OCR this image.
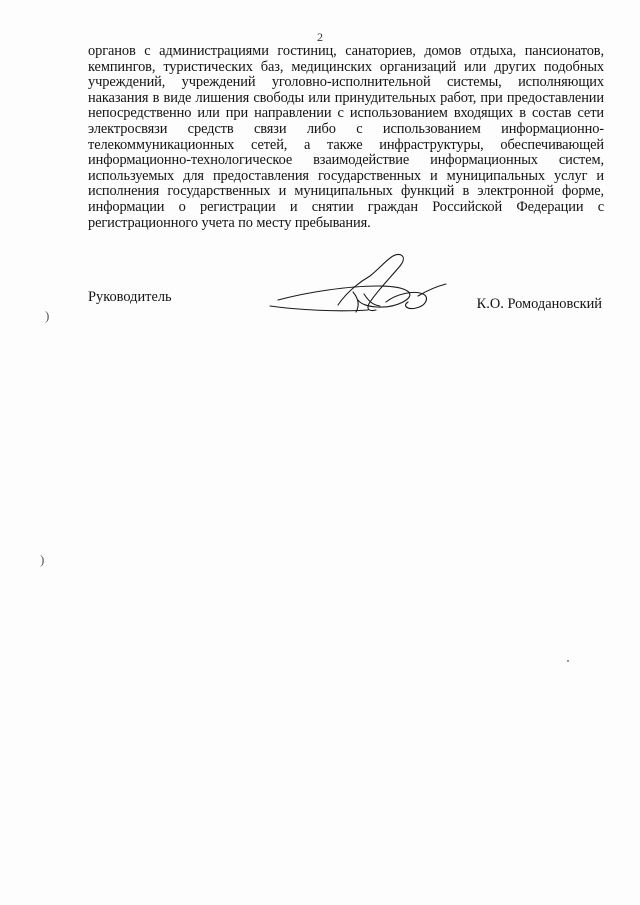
2

органов с администрациями гостиниц, санаториев, домов отдыха, пансионатов, кемпингов, туристических баз, медицинских организаций или других подобных учреждений, учреждений уголовно-исполнительной системы, исполняющих наказания в виде лишения свободы или принудительных работ, при предоставлении непосредственно или при направлении с использованием входящих в состав сети электросвязи средств связи либо с использованием информационно-телекоммуникационных сетей, а также инфраструктуры, обеспечивающей информационно-технологическое взаимодействие информационных систем, используемых для предоставления государственных и муниципальных услуг и исполнения государственных и муниципальных функций в электронной форме, информации о регистрации и снятии граждан Российской Федерации с регистрационного учета по месту пребывания.

Руководитель	К.О. Ромодановский
)
)
